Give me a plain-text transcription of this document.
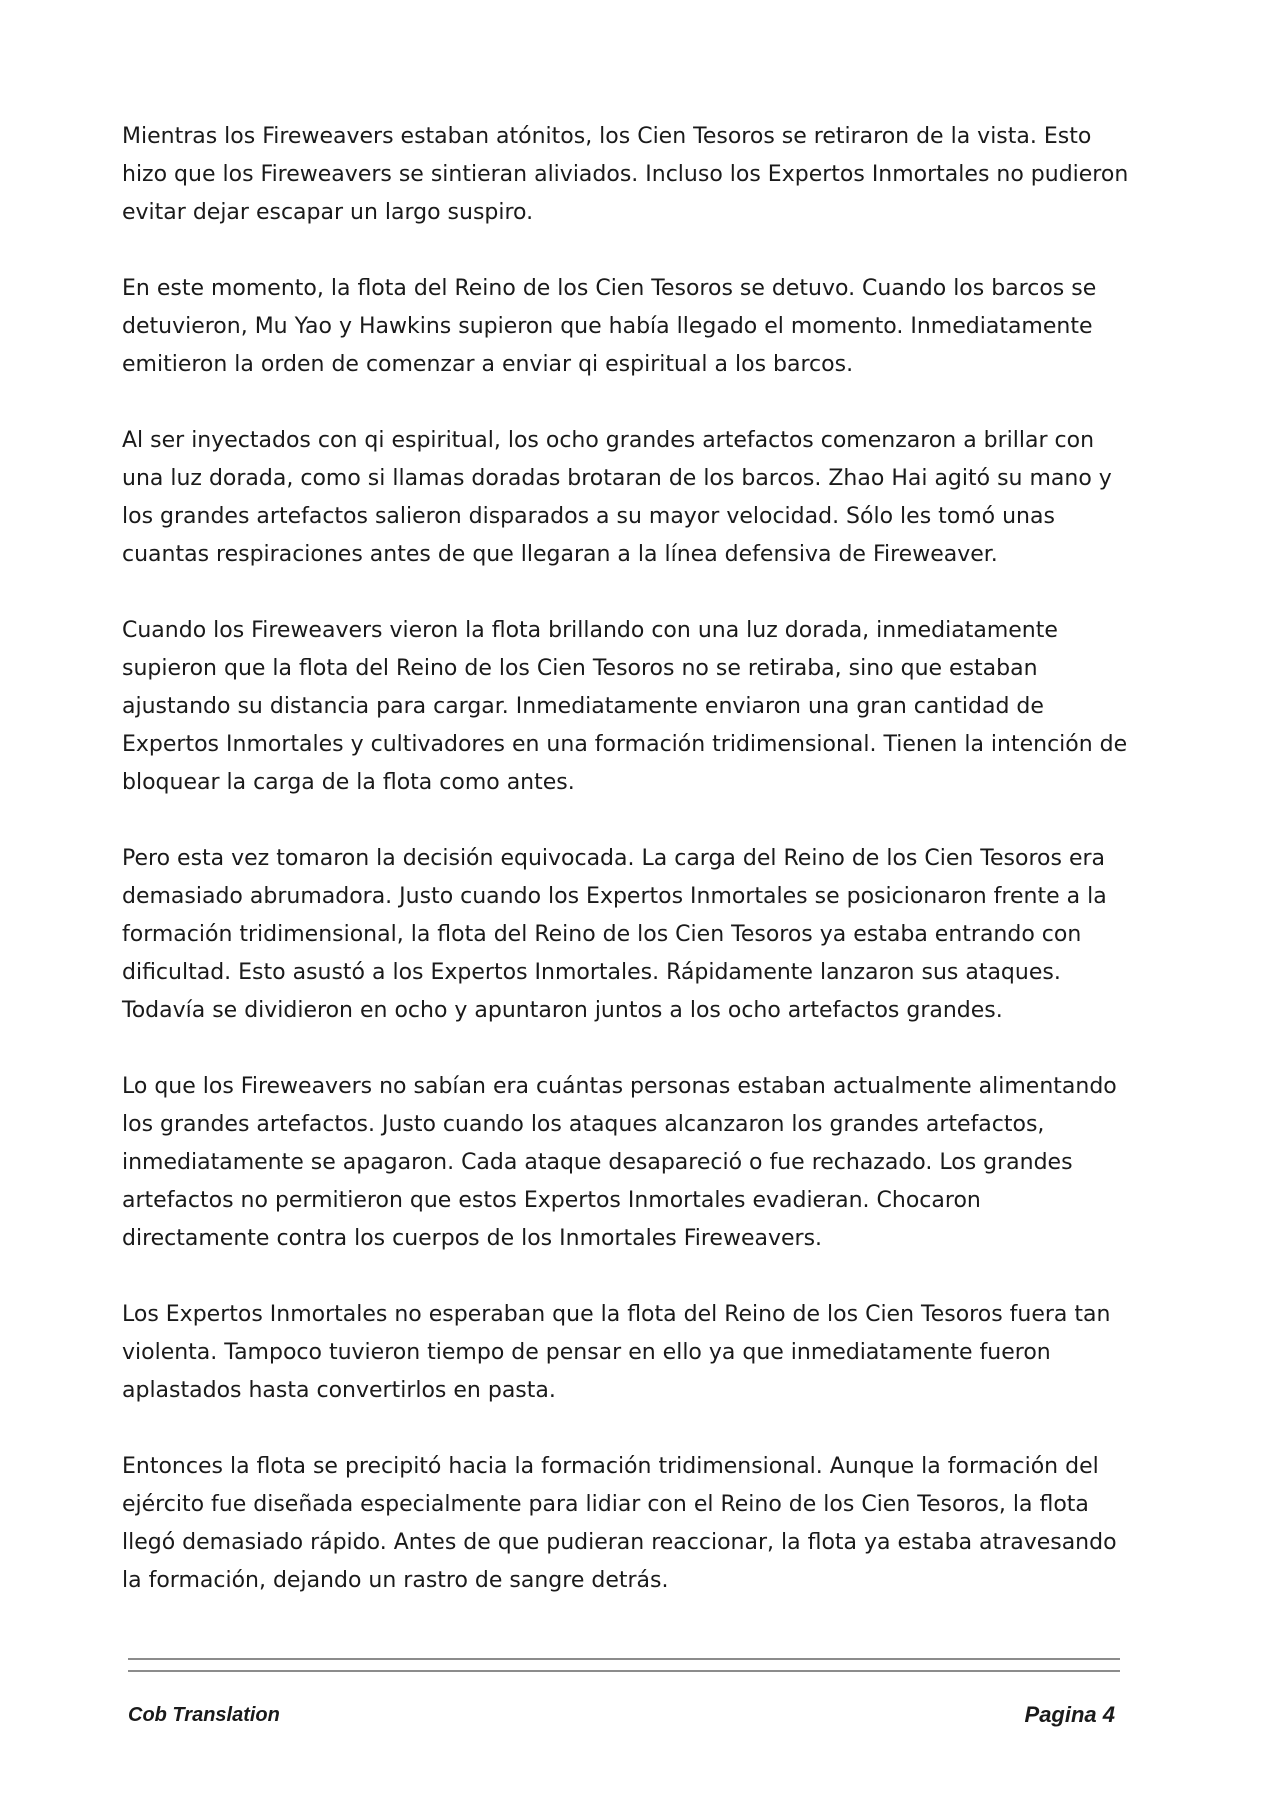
Mientras los Fireweavers estaban atónitos, los Cien Tesoros se retiraron de la vista. Esto hizo que los Fireweavers se sintieran aliviados. Incluso los Expertos Inmortales no pudieron evitar dejar escapar un largo suspiro.

En este momento, la flota del Reino de los Cien Tesoros se detuvo. Cuando los barcos se detuvieron, Mu Yao y Hawkins supieron que había llegado el momento. Inmediatamente emitieron la orden de comenzar a enviar qi espiritual a los barcos.

Al ser inyectados con qi espiritual, los ocho grandes artefactos comenzaron a brillar con una luz dorada, como si llamas doradas brotaran de los barcos. Zhao Hai agitó su mano y los grandes artefactos salieron disparados a su mayor velocidad. Sólo les tomó unas cuantas respiraciones antes de que llegaran a la línea defensiva de Fireweaver.

Cuando los Fireweavers vieron la flota brillando con una luz dorada, inmediatamente supieron que la flota del Reino de los Cien Tesoros no se retiraba, sino que estaban ajustando su distancia para cargar. Inmediatamente enviaron una gran cantidad de Expertos Inmortales y cultivadores en una formación tridimensional. Tienen la intención de bloquear la carga de la flota como antes.

Pero esta vez tomaron la decisión equivocada. La carga del Reino de los Cien Tesoros era demasiado abrumadora. Justo cuando los Expertos Inmortales se posicionaron frente a la formación tridimensional, la flota del Reino de los Cien Tesoros ya estaba entrando con dificultad. Esto asustó a los Expertos Inmortales. Rápidamente lanzaron sus ataques. Todavía se dividieron en ocho y apuntaron juntos a los ocho artefactos grandes.

Lo que los Fireweavers no sabían era cuántas personas estaban actualmente alimentando los grandes artefactos. Justo cuando los ataques alcanzaron los grandes artefactos, inmediatamente se apagaron. Cada ataque desapareció o fue rechazado. Los grandes artefactos no permitieron que estos Expertos Inmortales evadieran. Chocaron directamente contra los cuerpos de los Inmortales Fireweavers.

Los Expertos Inmortales no esperaban que la flota del Reino de los Cien Tesoros fuera tan violenta. Tampoco tuvieron tiempo de pensar en ello ya que inmediatamente fueron aplastados hasta convertirlos en pasta.

Entonces la flota se precipitó hacia la formación tridimensional. Aunque la formación del ejército fue diseñada especialmente para lidiar con el Reino de los Cien Tesoros, la flota llegó demasiado rápido. Antes de que pudieran reaccionar, la flota ya estaba atravesando la formación, dejando un rastro de sangre detrás.

Cob Translation	Pagina 4
